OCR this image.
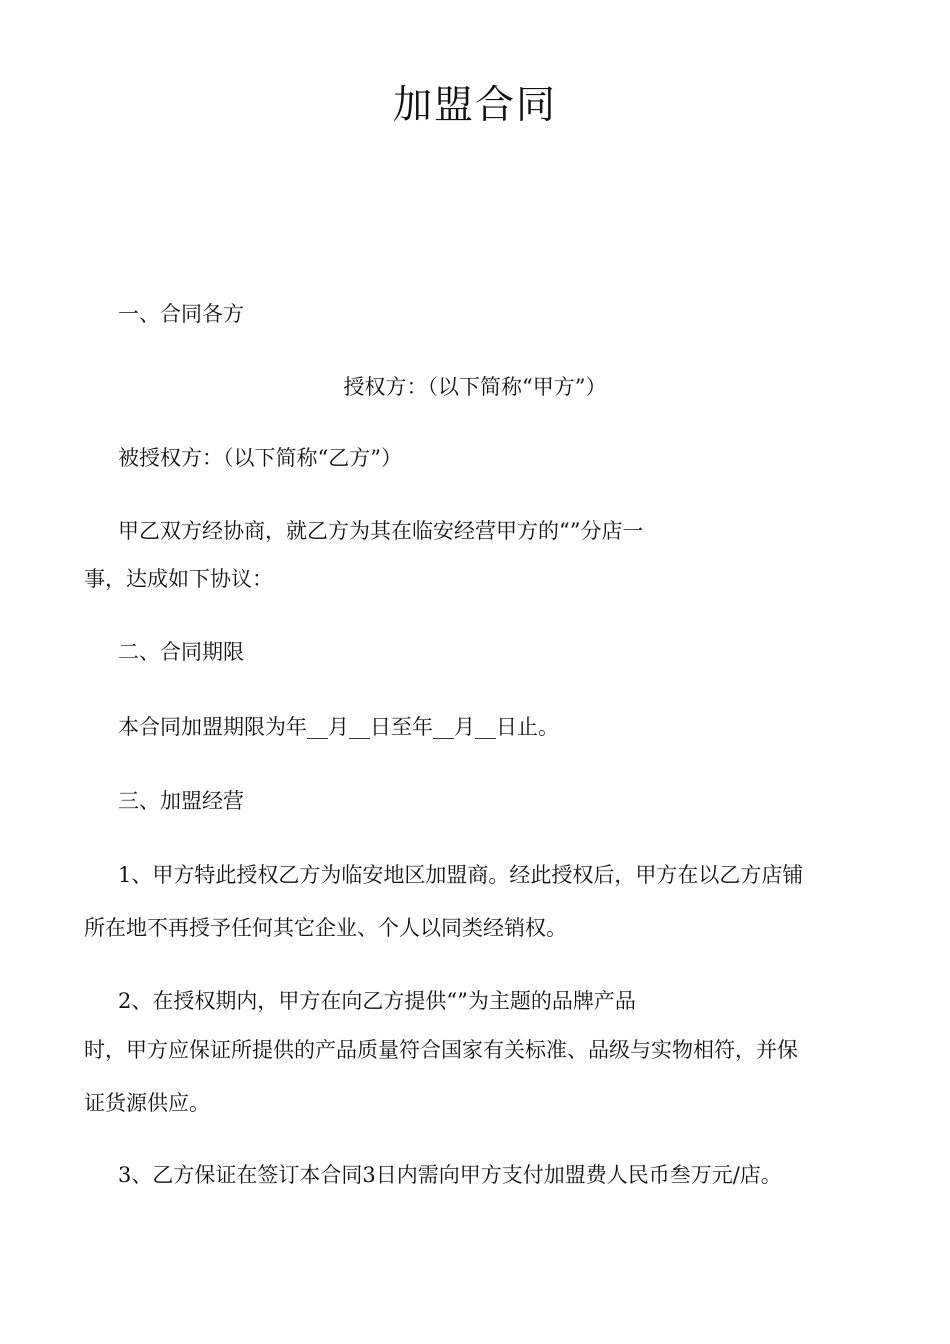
加盟合同
一、合同各方
授权方：（以下简称“甲方”）
被授权方：（以下简称“乙方”）
甲乙双方经协商，就乙方为其在临安经营甲方的“”分店一
事，达成如下协议：
二、合同期限
本合同加盟期限为年__月__日至年__月__日止。
三、加盟经营
1、甲方特此授权乙方为临安地区加盟商。经此授权后，甲方在以乙方店铺
所在地不再授予任何其它企业、个人以同类经销权。
2、在授权期内，甲方在向乙方提供“”为主题的品牌产品
时，甲方应保证所提供的产品质量符合国家有关标准、品级与实物相符，并保
证货源供应。
3、乙方保证在签订本合同3日内需向甲方支付加盟费人民币叁万元/店。
